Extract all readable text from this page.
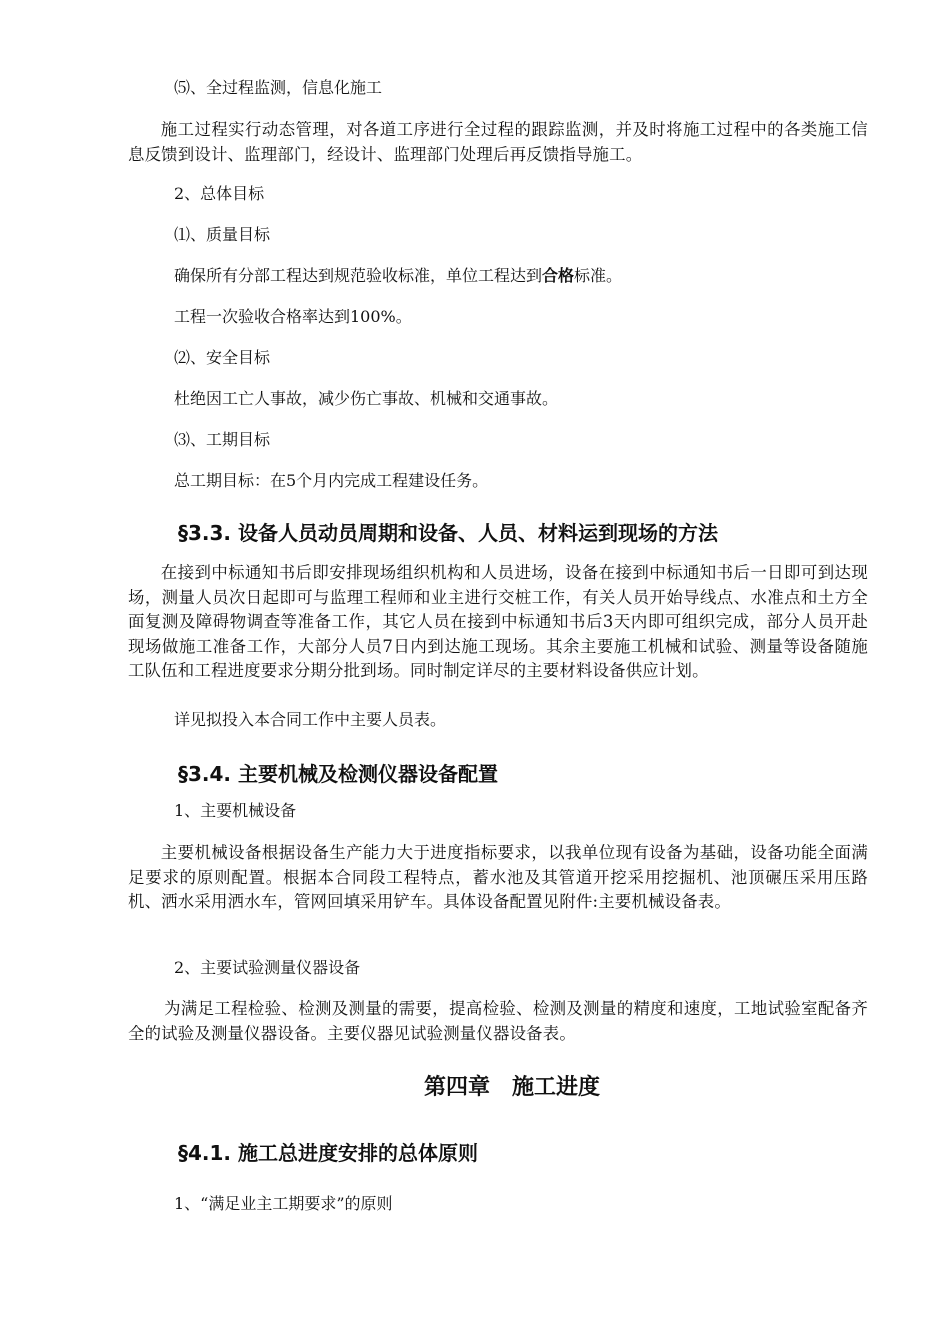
⑸、全过程监测，信息化施工

施工过程实行动态管理，对各道工序进行全过程的跟踪监测，并及时将施工过程中的各类施工信息反馈到设计、监理部门，经设计、监理部门处理后再反馈指导施工。

2、总体目标

⑴、质量目标

确保所有分部工程达到规范验收标准，单位工程达到合格标准。

工程一次验收合格率达到100%。

⑵、安全目标

杜绝因工亡人事故，减少伤亡事故、机械和交通事故。

⑶、工期目标

总工期目标：在5个月内完成工程建设任务。

§3.3. 设备人员动员周期和设备、人员、材料运到现场的方法

在接到中标通知书后即安排现场组织机构和人员进场，设备在接到中标通知书后一日即可到达现场，测量人员次日起即可与监理工程师和业主进行交桩工作，有关人员开始导线点、水准点和土方全面复测及障碍物调查等准备工作，其它人员在接到中标通知书后3天内即可组织完成，部分人员开赴现场做施工准备工作，大部分人员7日内到达施工现场。其余主要施工机械和试验、测量等设备随施工队伍和工程进度要求分期分批到场。同时制定详尽的主要材料设备供应计划。

详见拟投入本合同工作中主要人员表。

§3.4. 主要机械及检测仪器设备配置

1、主要机械设备

主要机械设备根据设备生产能力大于进度指标要求，以我单位现有设备为基础，设备功能全面满足要求的原则配置。根据本合同段工程特点，蓄水池及其管道开挖采用挖掘机、池顶碾压采用压路机、洒水采用洒水车，管网回填采用铲车。具体设备配置见附件:主要机械设备表。

2、主要试验测量仪器设备

为满足工程检验、检测及测量的需要，提高检验、检测及测量的精度和速度，工地试验室配备齐全的试验及测量仪器设备。主要仪器见试验测量仪器设备表。

第四章　施工进度
§4.1. 施工总进度安排的总体原则

1、“满足业主工期要求”的原则
